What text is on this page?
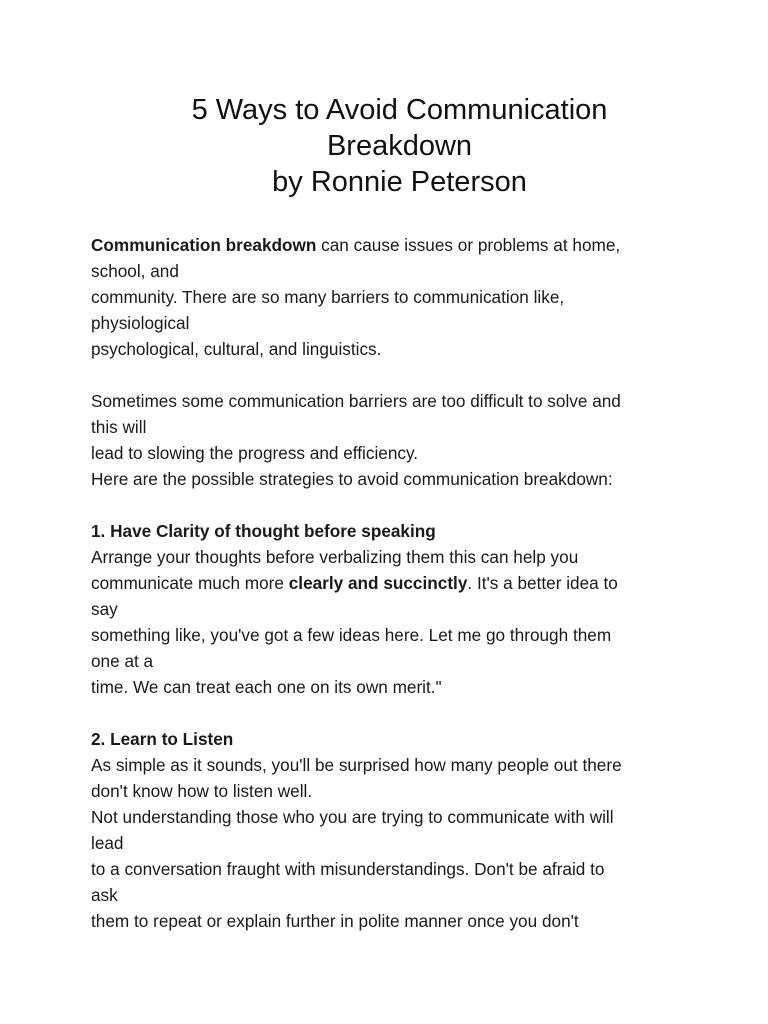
5 Ways to Avoid Communication
Breakdown
by Ronnie Peterson
Communication breakdown can cause issues or problems at home,
school, and
community. There are so many barriers to communication like,
physiological
psychological, cultural, and linguistics.
Sometimes some communication barriers are too difficult to solve and
this will
lead to slowing the progress and efficiency.
Here are the possible strategies to avoid communication breakdown:
1. Have Clarity of thought before speaking
Arrange your thoughts before verbalizing them this can help you
communicate much more clearly and succinctly. It's a better idea to
say
something like, you've got a few ideas here. Let me go through them
one at a
time. We can treat each one on its own merit."
2. Learn to Listen
As simple as it sounds, you'll be surprised how many people out there
don't know how to listen well.
Not understanding those who you are trying to communicate with will
lead
to a conversation fraught with misunderstandings. Don't be afraid to
ask
them to repeat or explain further in polite manner once you don't
